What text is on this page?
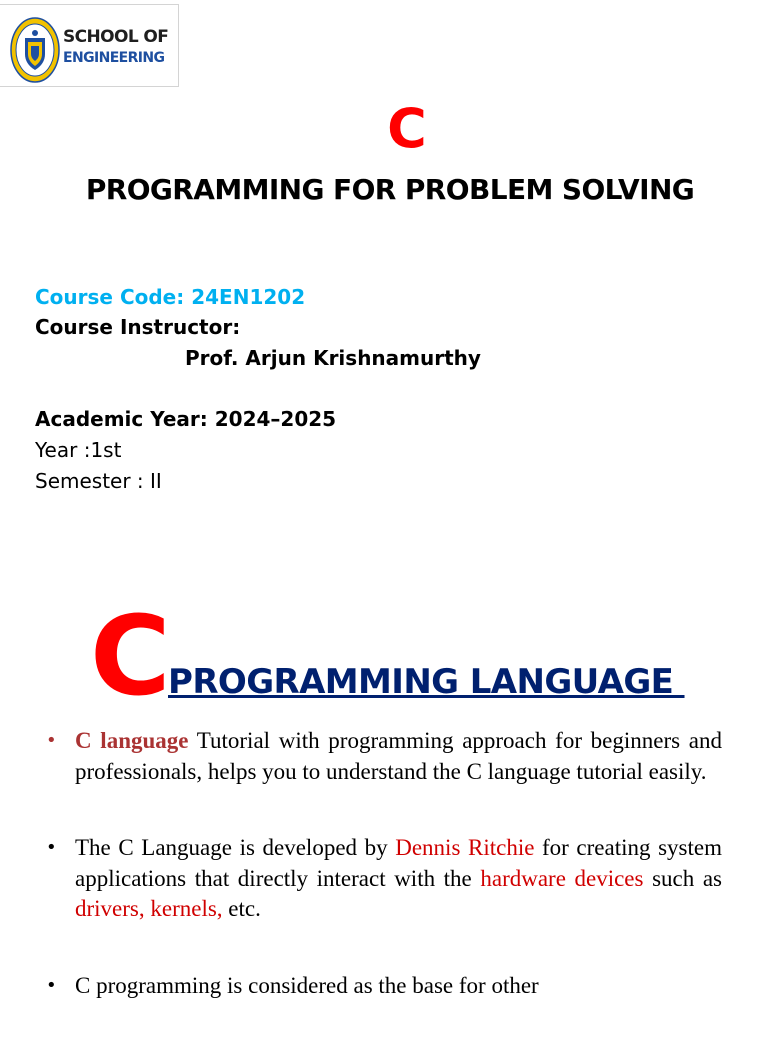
SCHOOL OF
ENGINEERING
C
PROGRAMMING FOR PROBLEM SOLVING
Course Code: 24EN1202
Course Instructor:
Prof. Arjun Krishnamurthy
Academic Year: 2024–2025
Year :1st
Semester : II
C
PROGRAMMING LANGUAGE
• C language Tutorial with programming approach for beginners and professionals, helps you to understand the C language tutorial easily.
• The C Language is developed by Dennis Ritchie for creating system applications that directly interact with the hardware devices such as drivers, kernels, etc.
• C programming is considered as the base for other
